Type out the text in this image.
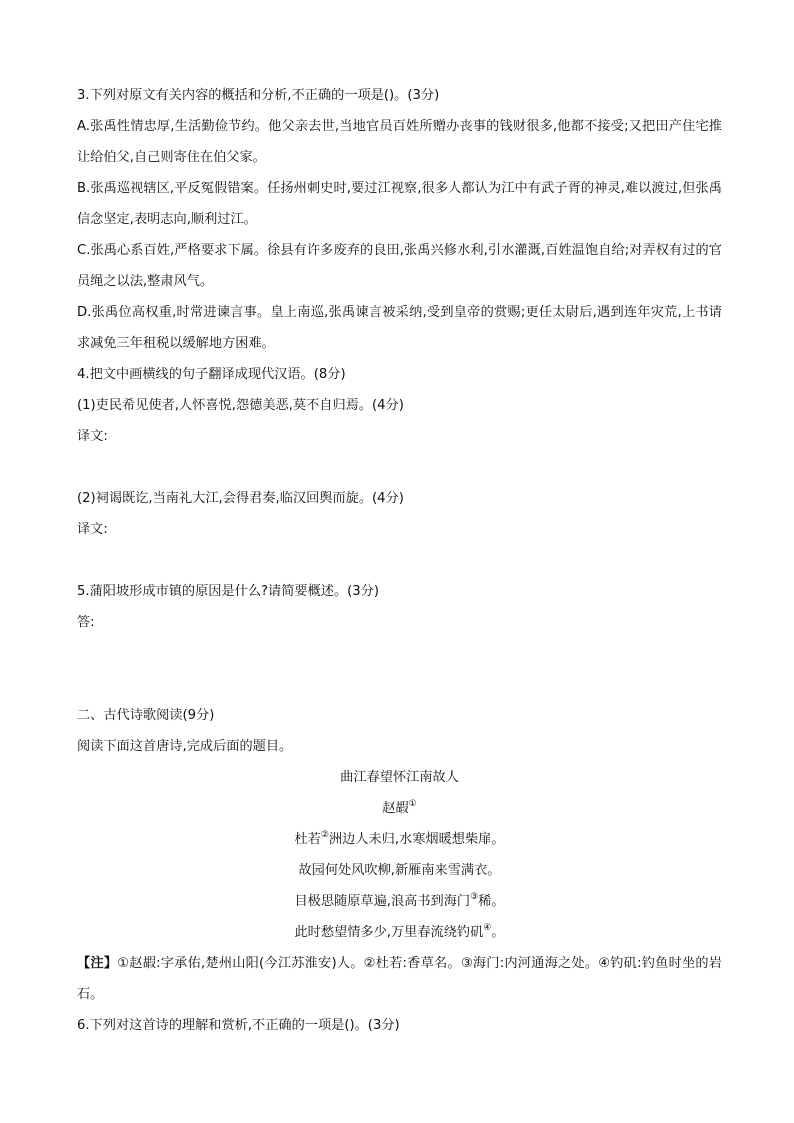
3.下列对原文有关内容的概括和分析,不正确的一项是()。(3分)

A.张禹性情忠厚,生活勤俭节约。他父亲去世,当地官员百姓所赠办丧事的钱财很多,他都不接受;又把田产住宅推让给伯父,自己则寄住在伯父家。

B.张禹巡视辖区,平反冤假错案。任扬州刺史时,要过江视察,很多人都认为江中有武子胥的神灵,难以渡过,但张禹信念坚定,表明志向,顺利过江。

C.张禹心系百姓,严格要求下属。徐县有许多废弃的良田,张禹兴修水利,引水灌溉,百姓温饱自给;对弄权有过的官员绳之以法,整肃风气。

D.张禹位高权重,时常进谏言事。皇上南巡,张禹谏言被采纳,受到皇帝的赏赐;更任太尉后,遇到连年灾荒,上书请求减免三年租税以缓解地方困难。

4.把文中画横线的句子翻译成现代汉语。(8分)

(1)吏民希见使者,人怀喜悦,怨德美恶,莫不自归焉。(4分)

译文:

(2)祠谒既讫,当南礼大江,会得君奏,临汉回舆而旋。(4分)

译文:

5.蒲阳坡形成市镇的原因是什么?请简要概述。(3分)

答:

二、古代诗歌阅读(9分)

阅读下面这首唐诗,完成后面的题目。

曲江春望怀江南故人

赵嘏①

杜若②洲边人未归,水寒烟暖想柴扉。

故园何处风吹柳,新雁南来雪满衣。

目极思随原草遍,浪高书到海门③稀。

此时愁望情多少,万里春流绕钓矶④。

【注】①赵嘏:字承佑,楚州山阳(今江苏淮安)人。②杜若:香草名。③海门:内河通海之处。④钓矶:钓鱼时坐的岩石。

6.下列对这首诗的理解和赏析,不正确的一项是()。(3分)
